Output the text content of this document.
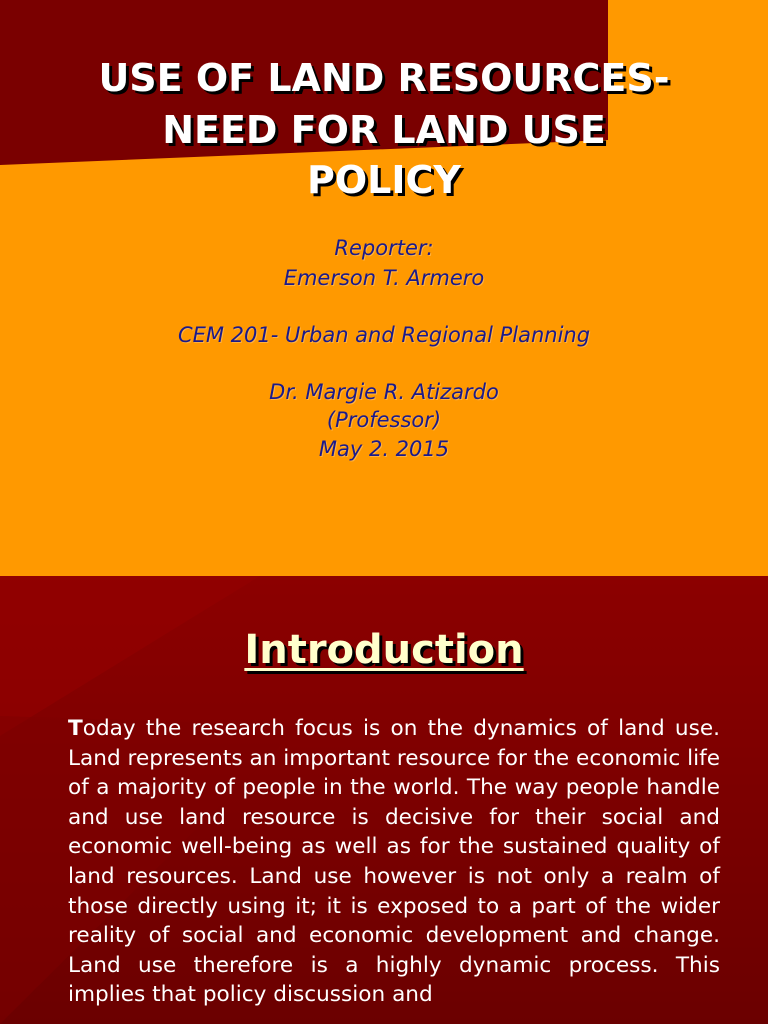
USE OF LAND RESOURCES-
NEED FOR LAND USE
POLICY
Reporter:
Emerson T. Armero
CEM 201- Urban and Regional Planning
Dr. Margie R. Atizardo
(Professor)
May 2. 2015
Introduction
Today the research focus is on the dynamics of land use. Land represents an important resource for the economic life of a majority of people in the world. The way people handle and use land resource is decisive for their social and economic well-being as well as for the sustained quality of land resources. Land use however is not only a realm of those directly using it; it is exposed to a part of the wider reality of social and economic development and change. Land use therefore is a highly dynamic process. This implies that policy discussion and
